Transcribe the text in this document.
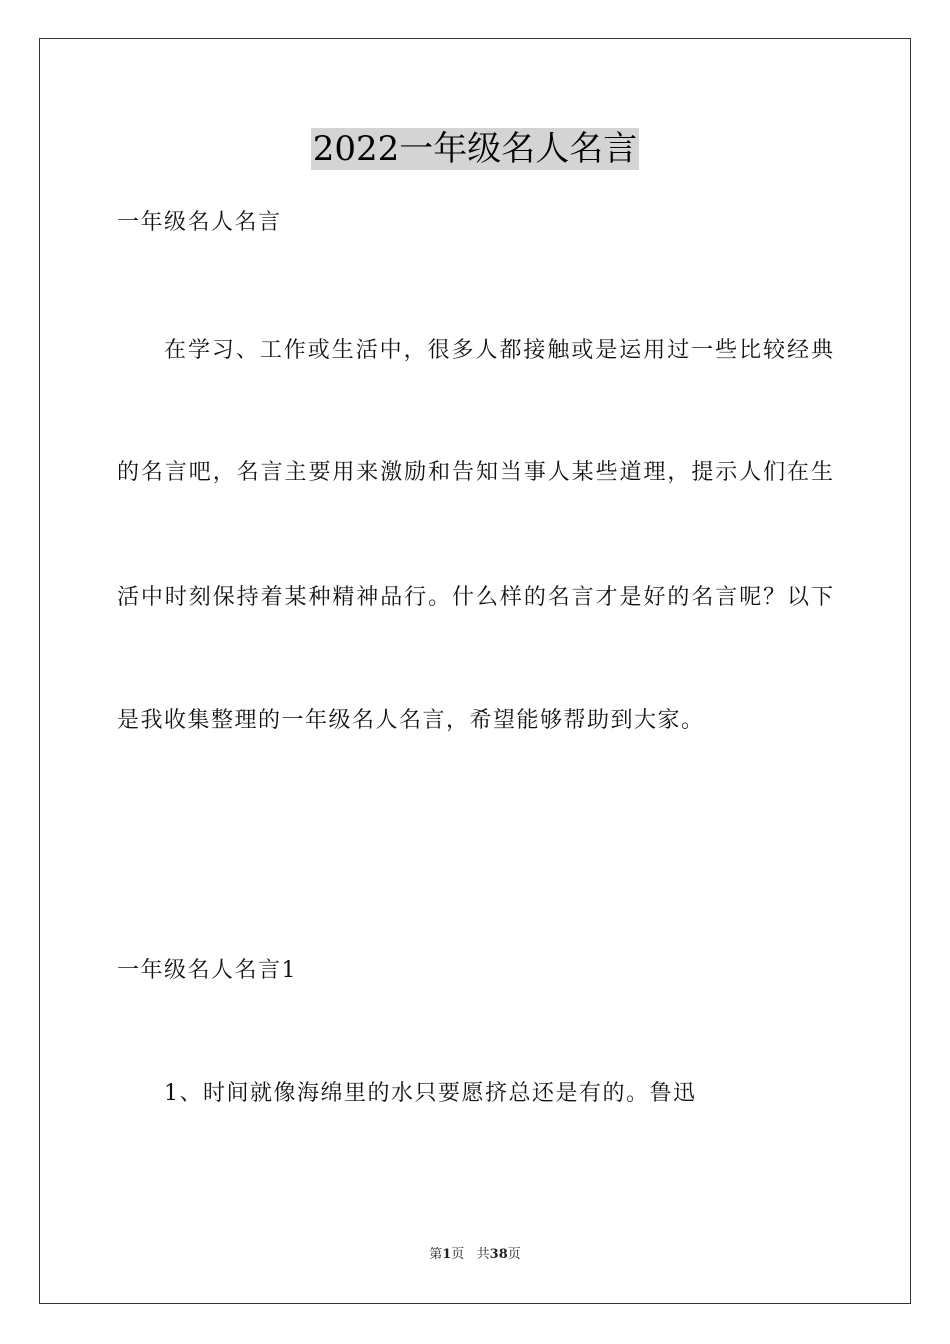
2022一年级名人名言
一年级名人名言
在学习、工作或生活中，很多人都接触或是运用过一些比较经典
的名言吧，名言主要用来激励和告知当事人某些道理，提示人们在生
活中时刻保持着某种精神品行。什么样的名言才是好的名言呢？以下
是我收集整理的一年级名人名言，希望能够帮助到大家。
一年级名人名言1
1、时间就像海绵里的水只要愿挤总还是有的。鲁迅
第1页   共38页
